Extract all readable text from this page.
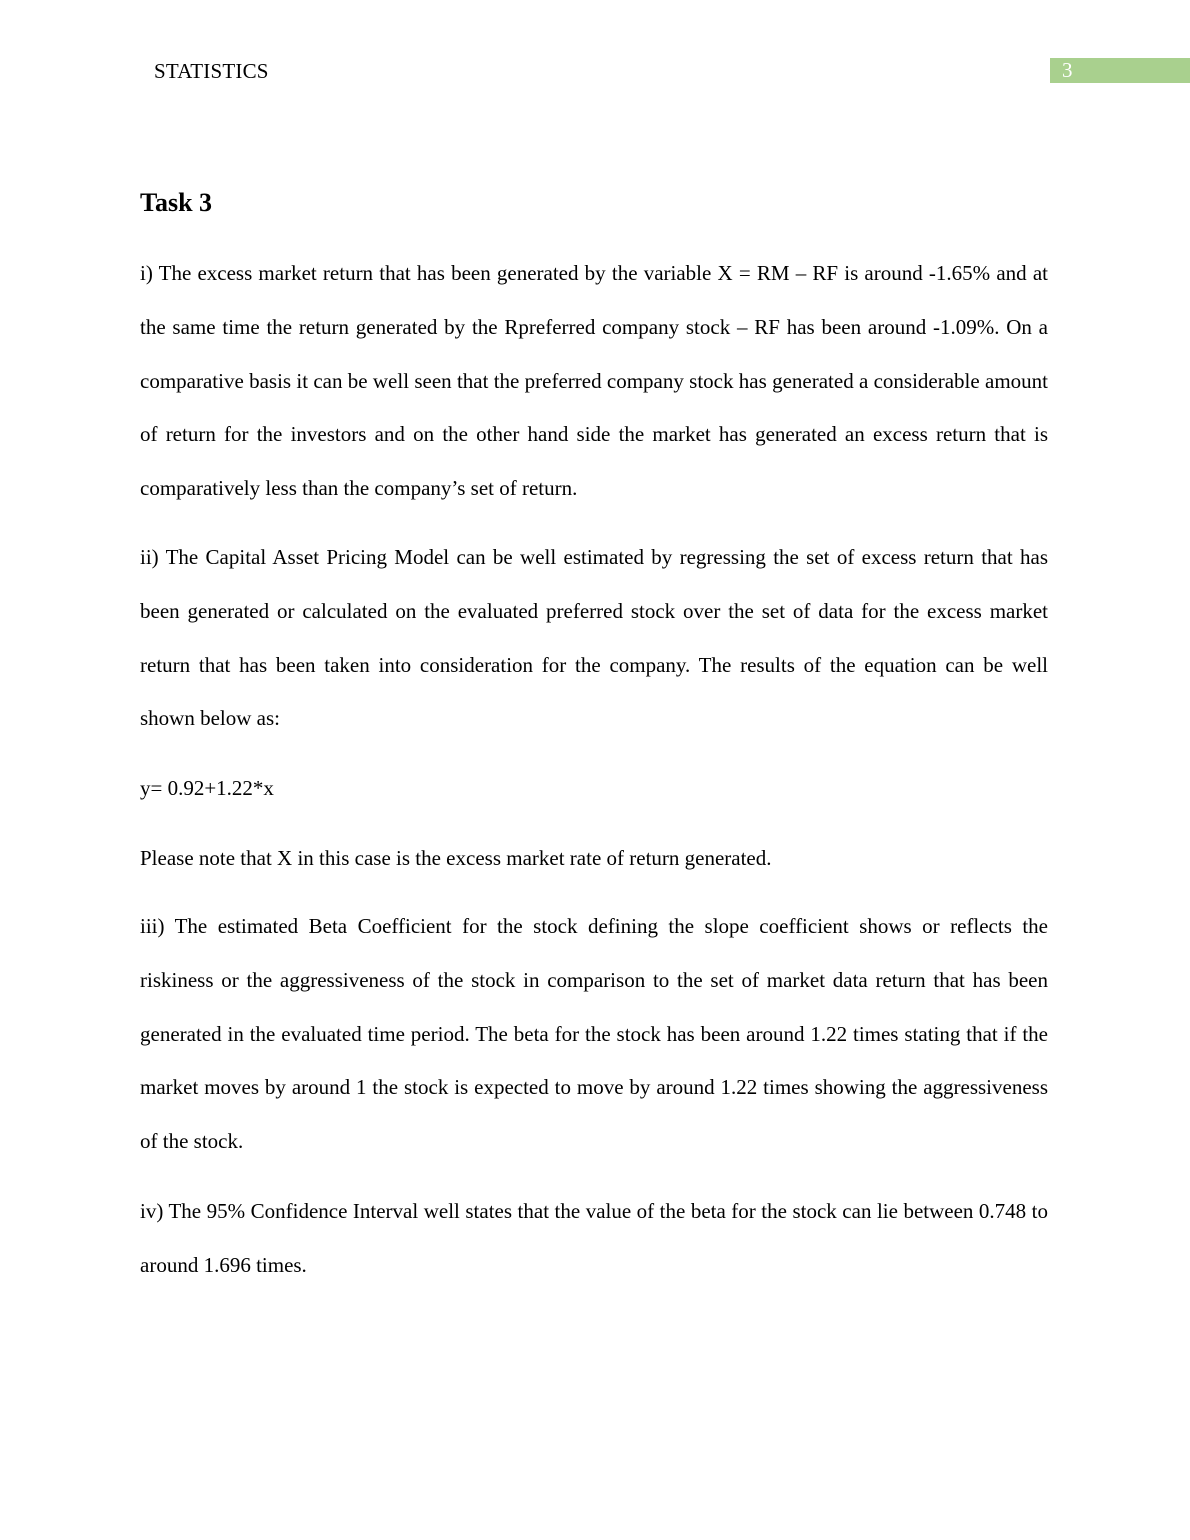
STATISTICS	3
Task 3

i) The excess market return that has been generated by the variable X = RM – RF is around -1.65% and at the same time the return generated by the Rpreferred company stock – RF has been around -1.09%. On a comparative basis it can be well seen that the preferred company stock has generated a considerable amount of return for the investors and on the other hand side the market has generated an excess return that is comparatively less than the company’s set of return.

ii) The Capital Asset Pricing Model can be well estimated by regressing the set of excess return that has been generated or calculated on the evaluated preferred stock over the set of data for the excess market return that has been taken into consideration for the company. The results of the equation can be well shown below as:

y= 0.92+1.22*x

Please note that X in this case is the excess market rate of return generated.

iii) The estimated Beta Coefficient for the stock defining the slope coefficient shows or reflects the riskiness or the aggressiveness of the stock in comparison to the set of market data return that has been generated in the evaluated time period. The beta for the stock has been around 1.22 times stating that if the market moves by around 1 the stock is expected to move by around 1.22 times showing the aggressiveness of the stock.

iv) The 95% Confidence Interval well states that the value of the beta for the stock can lie between 0.748 to around 1.696 times.
